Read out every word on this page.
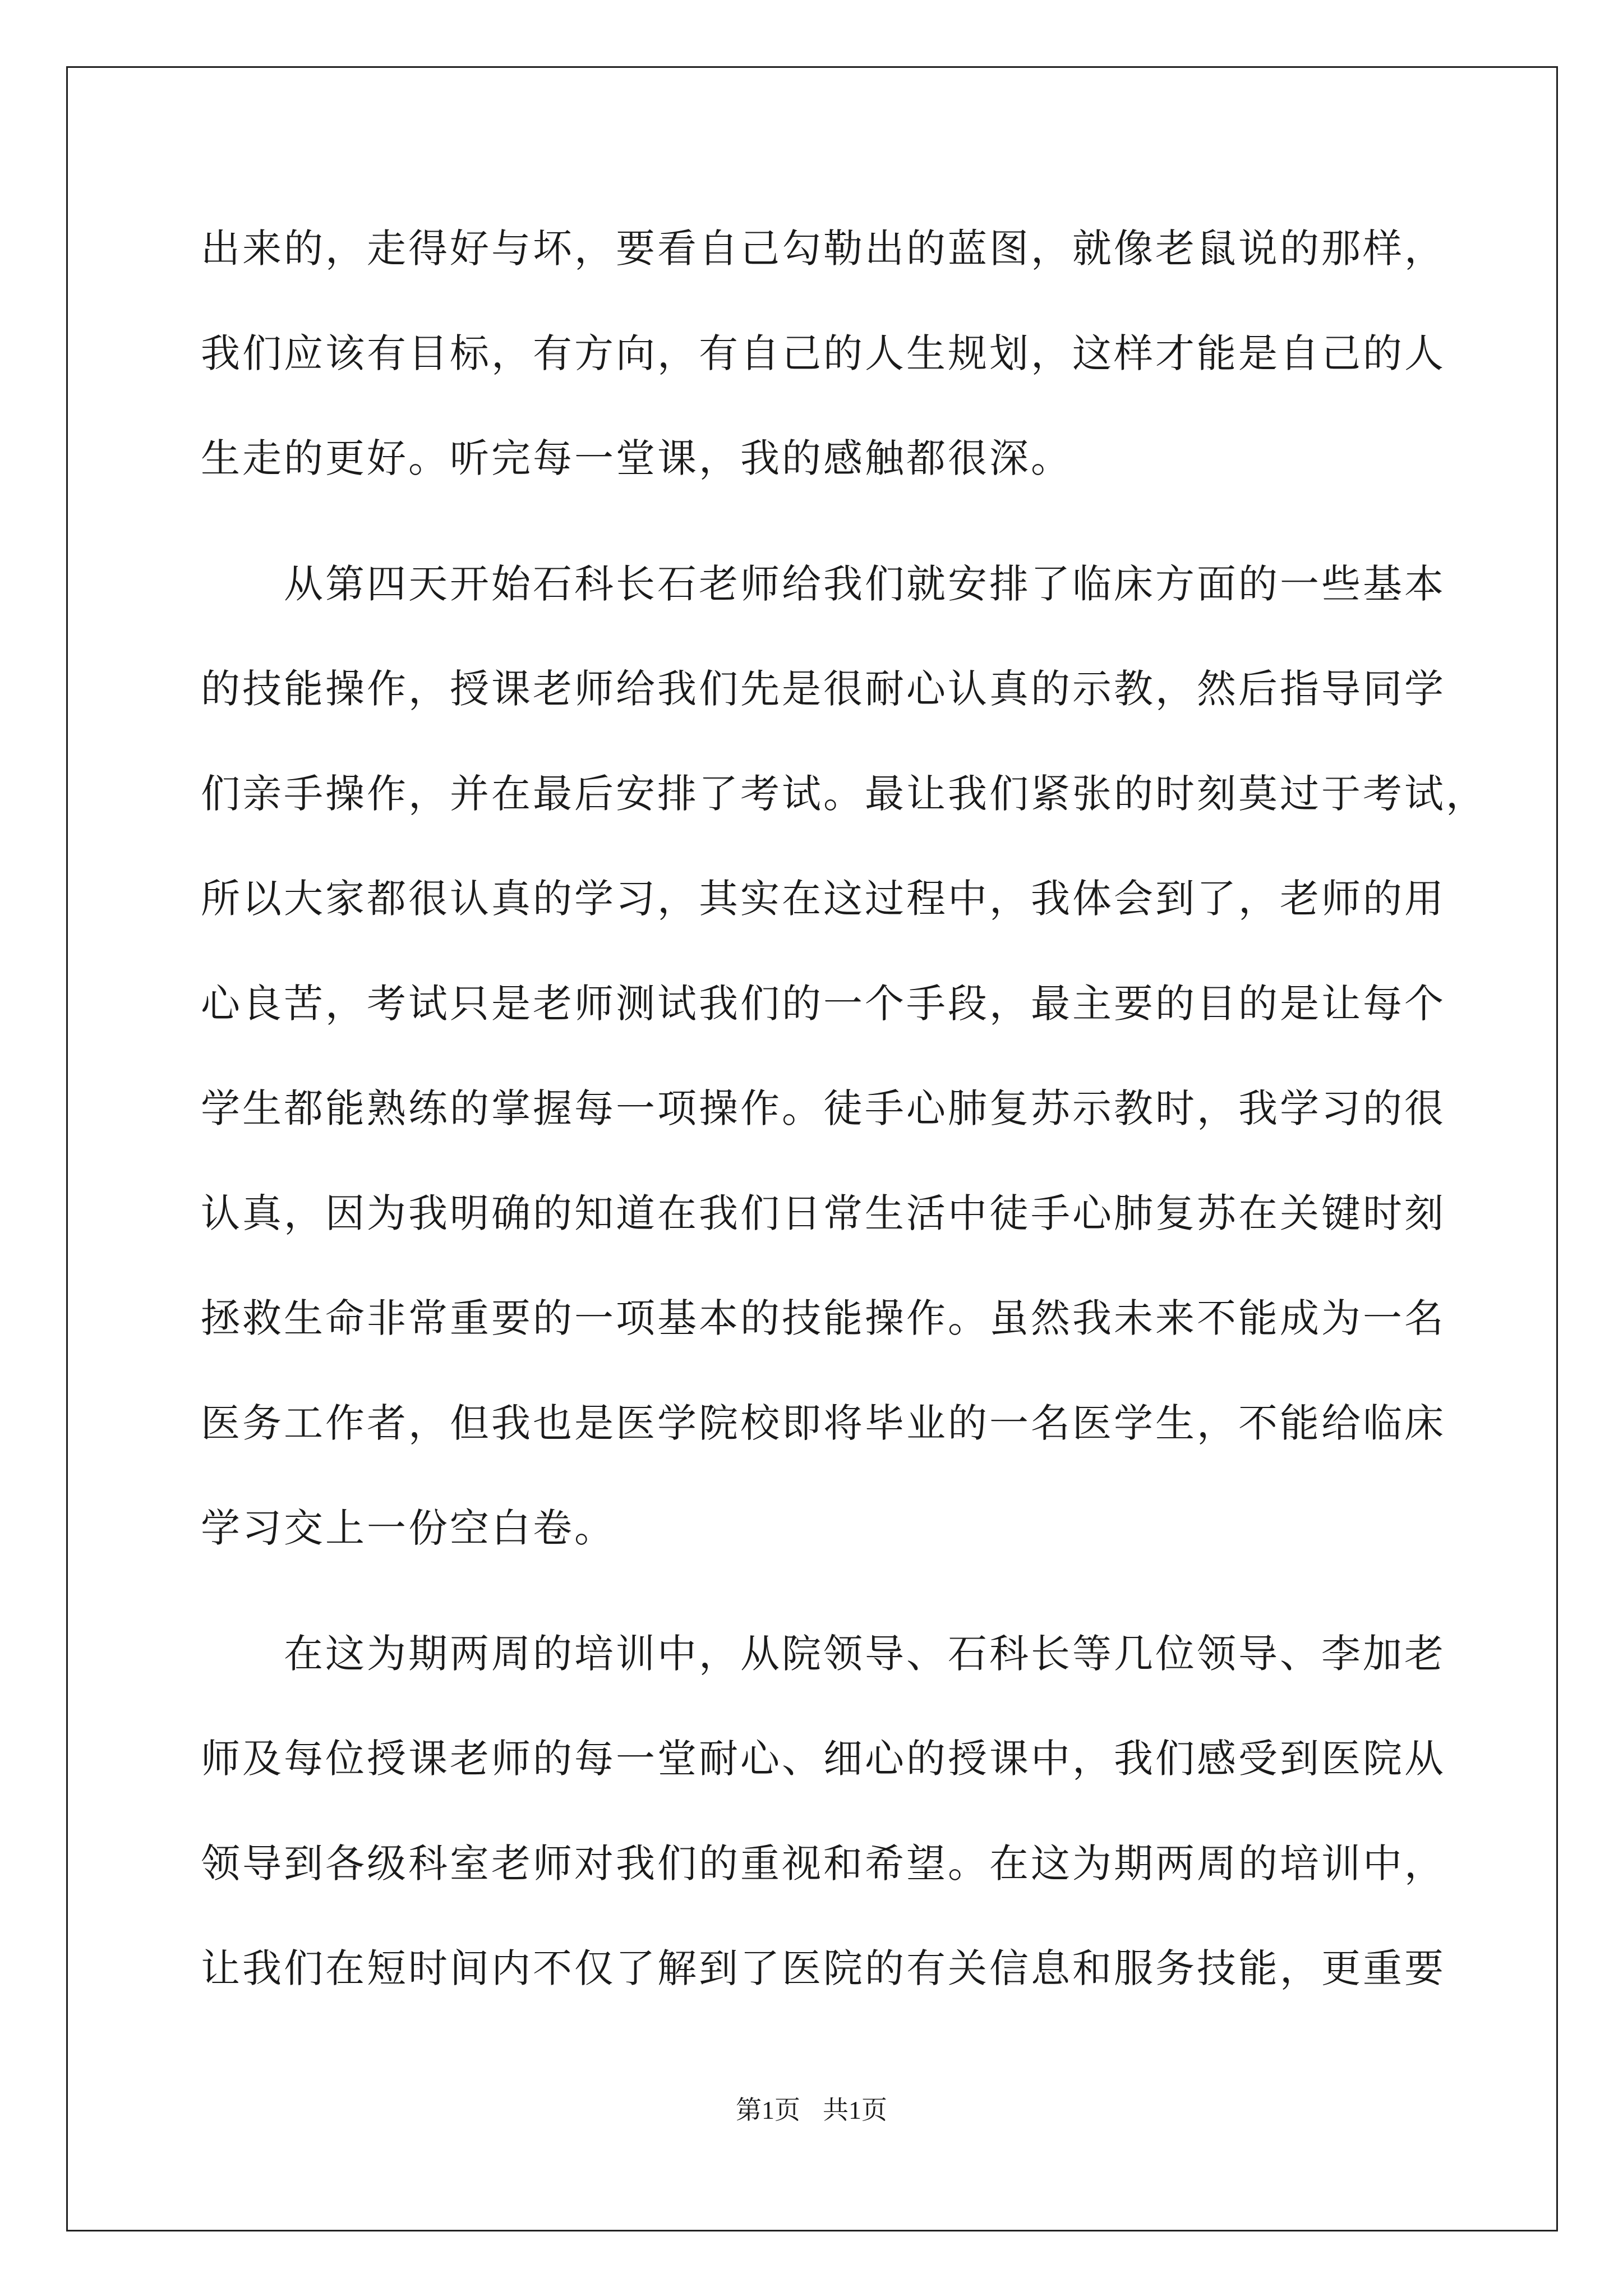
出来的，走得好与坏，要看自己勾勒出的蓝图，就像老鼠说的那样，
我们应该有目标，有方向，有自己的人生规划，这样才能是自己的人
生走的更好。听完每一堂课，我的感触都很深。
从第四天开始石科长石老师给我们就安排了临床方面的一些基本
的技能操作，授课老师给我们先是很耐心认真的示教，然后指导同学
们亲手操作，并在最后安排了考试。最让我们紧张的时刻莫过于考试，
所以大家都很认真的学习，其实在这过程中，我体会到了，老师的用
心良苦，考试只是老师测试我们的一个手段，最主要的目的是让每个
学生都能熟练的掌握每一项操作。徒手心肺复苏示教时，我学习的很
认真，因为我明确的知道在我们日常生活中徒手心肺复苏在关键时刻
拯救生命非常重要的一项基本的技能操作。虽然我未来不能成为一名
医务工作者，但我也是医学院校即将毕业的一名医学生，不能给临床
学习交上一份空白卷。
在这为期两周的培训中，从院领导、石科长等几位领导、李加老
师及每位授课老师的每一堂耐心、细心的授课中，我们感受到医院从
领导到各级科室老师对我们的重视和希望。在这为期两周的培训中，
让我们在短时间内不仅了解到了医院的有关信息和服务技能，更重要
第1页 共1页
